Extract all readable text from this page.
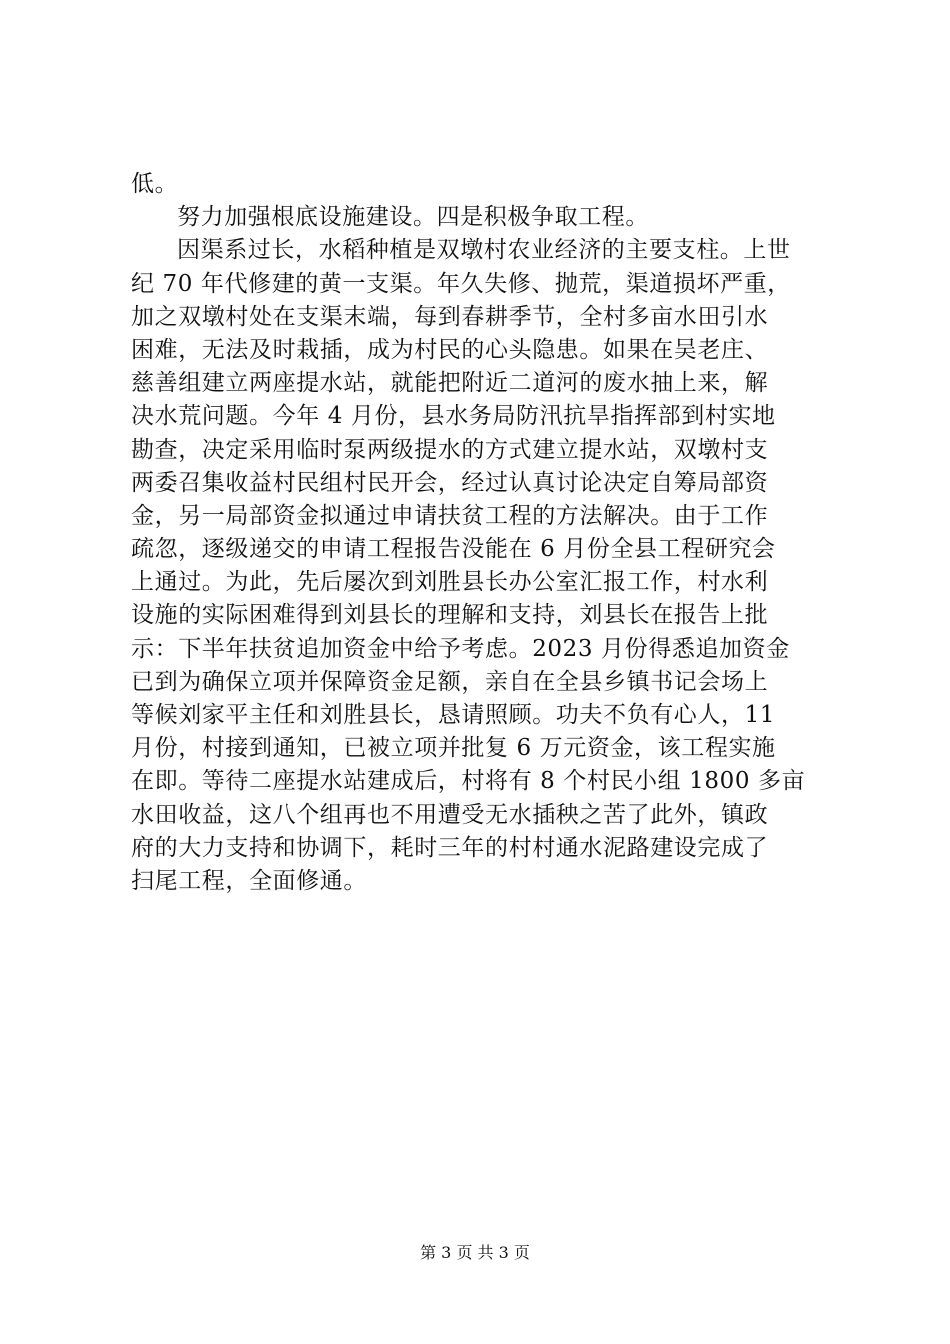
低。
努力加强根底设施建设。四是积极争取工程。
因渠系过长，水稻种植是双墩村农业经济的主要支柱。上世
纪 70 年代修建的黄一支渠。年久失修、抛荒，渠道损坏严重，
加之双墩村处在支渠末端，每到春耕季节，全村多亩水田引水
困难，无法及时栽插，成为村民的心头隐患。如果在吴老庄、
慈善组建立两座提水站，就能把附近二道河的废水抽上来，解
决水荒问题。今年 4 月份，县水务局防汛抗旱指挥部到村实地
勘查，决定采用临时泵两级提水的方式建立提水站，双墩村支
两委召集收益村民组村民开会，经过认真讨论决定自筹局部资
金，另一局部资金拟通过申请扶贫工程的方法解决。由于工作
疏忽，逐级递交的申请工程报告没能在 6 月份全县工程研究会
上通过。为此，先后屡次到刘胜县长办公室汇报工作，村水利
设施的实际困难得到刘县长的理解和支持，刘县长在报告上批
示：下半年扶贫追加资金中给予考虑。2023 月份得悉追加资金
已到为确保立项并保障资金足额，亲自在全县乡镇书记会场上
等候刘家平主任和刘胜县长，恳请照顾。功夫不负有心人，11
月份，村接到通知，已被立项并批复 6 万元资金，该工程实施
在即。等待二座提水站建成后，村将有 8 个村民小组 1800 多亩
水田收益，这八个组再也不用遭受无水插秧之苦了此外，镇政
府的大力支持和协调下，耗时三年的村村通水泥路建设完成了
扫尾工程，全面修通。
第 3 页 共 3 页
